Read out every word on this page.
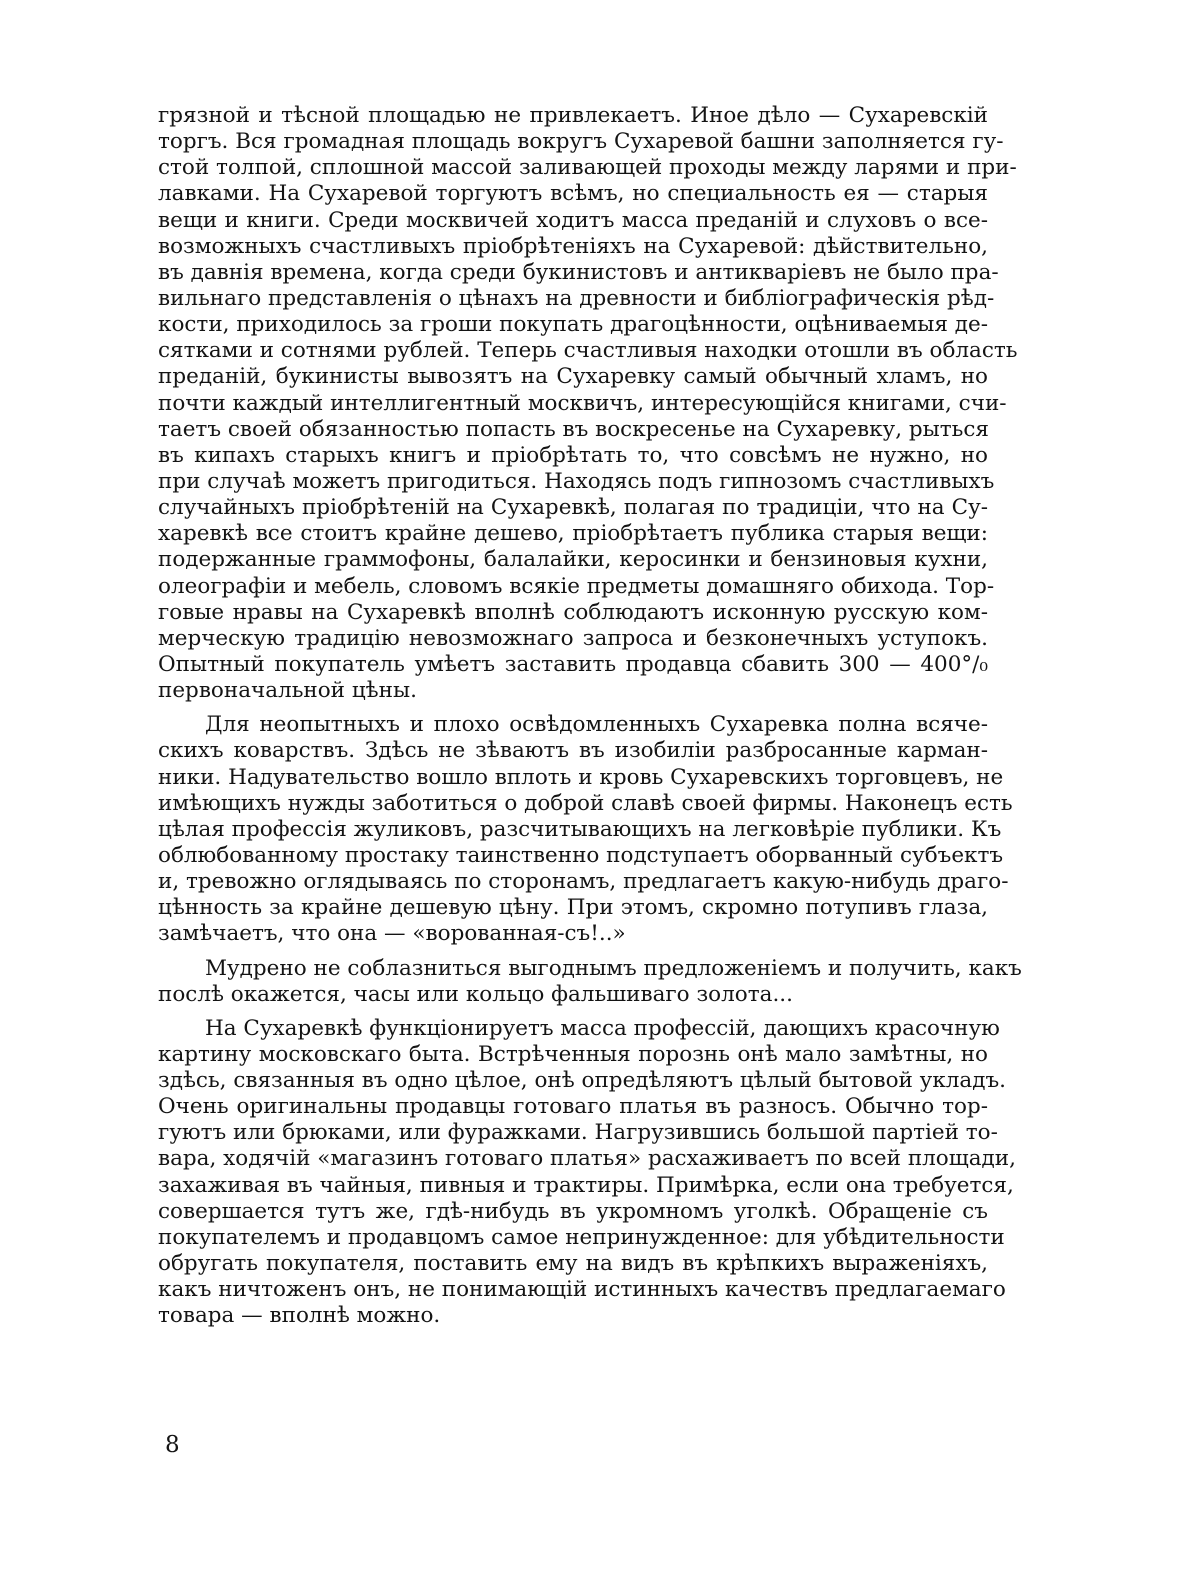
грязной и тѣсной площадью не привлекаетъ. Иное дѣло — Сухаревскій
торгъ. Вся громадная площадь вокругъ Сухаревой башни заполняется гу-
стой толпой, сплошной массой заливающей проходы между ларями и при-
лавками. На Сухаревой торгуютъ всѣмъ, но специальность ея — старыя
вещи и книги. Среди москвичей ходитъ масса преданій и слуховъ о все-
возможныхъ счастливыхъ пріобрѣтеніяхъ на Сухаревой: дѣйствительно,
въ давнія времена, когда среди букинистовъ и антикваріевъ не было пра-
вильнаго представленія о цѣнахъ на древности и библіографическія рѣд-
кости, приходилось за гроши покупать драгоцѣнности, оцѣниваемыя де-
сятками и сотнями рублей. Теперь счастливыя находки отошли въ область
преданій, букинисты вывозятъ на Сухаревку самый обычный хламъ, но
почти каждый интеллигентный москвичъ, интересующійся книгами, счи-
таетъ своей обязанностью попасть въ воскресенье на Сухаревку, рыться
въ кипахъ старыхъ книгъ и пріобрѣтать то, что совсѣмъ не нужно, но
при случаѣ можетъ пригодиться. Находясь подъ гипнозомъ счастливыхъ
случайныхъ пріобрѣтеній на Сухаревкѣ, полагая по традиціи, что на Су-
харевкѣ все стоитъ крайне дешево, пріобрѣтаетъ публика старыя вещи:
подержанные граммофоны, балалайки, керосинки и бензиновыя кухни,
олеографіи и мебель, словомъ всякіе предметы домашняго обихода. Тор-
говые нравы на Сухаревкѣ вполнѣ соблюдаютъ исконную русскую ком-
мерческую традицію невозможнаго запроса и безконечныхъ уступокъ.
Опытный покупатель умѣетъ заставить продавца сбавить 300 — 400°/₀
первоначальной цѣны.
Для неопытныхъ и плохо освѣдомленныхъ Сухаревка полна всяче-
скихъ коварствъ. Здѣсь не зѣваютъ въ изобиліи разбросанные карман-
ники. Надувательство вошло вплоть и кровь Сухаревскихъ торговцевъ, не
имѣющихъ нужды заботиться о доброй славѣ своей фирмы. Наконецъ есть
цѣлая профессія жуликовъ, разсчитывающихъ на легковѣріе публики. Къ
облюбованному простаку таинственно подступаетъ оборванный субъектъ
и, тревожно оглядываясь по сторонамъ, предлагаетъ какую-нибудь драго-
цѣнность за крайне дешевую цѣну. При этомъ, скромно потупивъ глаза,
замѣчаетъ, что она — «ворованная-съ!..»
Мудрено не соблазниться выгоднымъ предложеніемъ и получить, какъ
послѣ окажется, часы или кольцо фальшиваго золота...
На Сухаревкѣ функціонируетъ масса профессій, дающихъ красочную
картину московскаго быта. Встрѣченныя порознь онѣ мало замѣтны, но
здѣсь, связанныя въ одно цѣлое, онѣ опредѣляютъ цѣлый бытовой укладъ.
Очень оригинальны продавцы готоваго платья въ разносъ. Обычно тор-
гуютъ или брюками, или фуражками. Нагрузившись большой партіей то-
вара, ходячій «магазинъ готоваго платья» расхаживаетъ по всей площади,
захаживая въ чайныя, пивныя и трактиры. Примѣрка, если она требуется,
совершается тутъ же, гдѣ-нибудь въ укромномъ уголкѣ. Обращеніе съ
покупателемъ и продавцомъ самое непринужденное: для убѣдительности
обругать покупателя, поставить ему на видъ въ крѣпкихъ выраженіяхъ,
какъ ничтоженъ онъ, не понимающій истинныхъ качествъ предлагаемаго
товара — вполнѣ можно.
8
